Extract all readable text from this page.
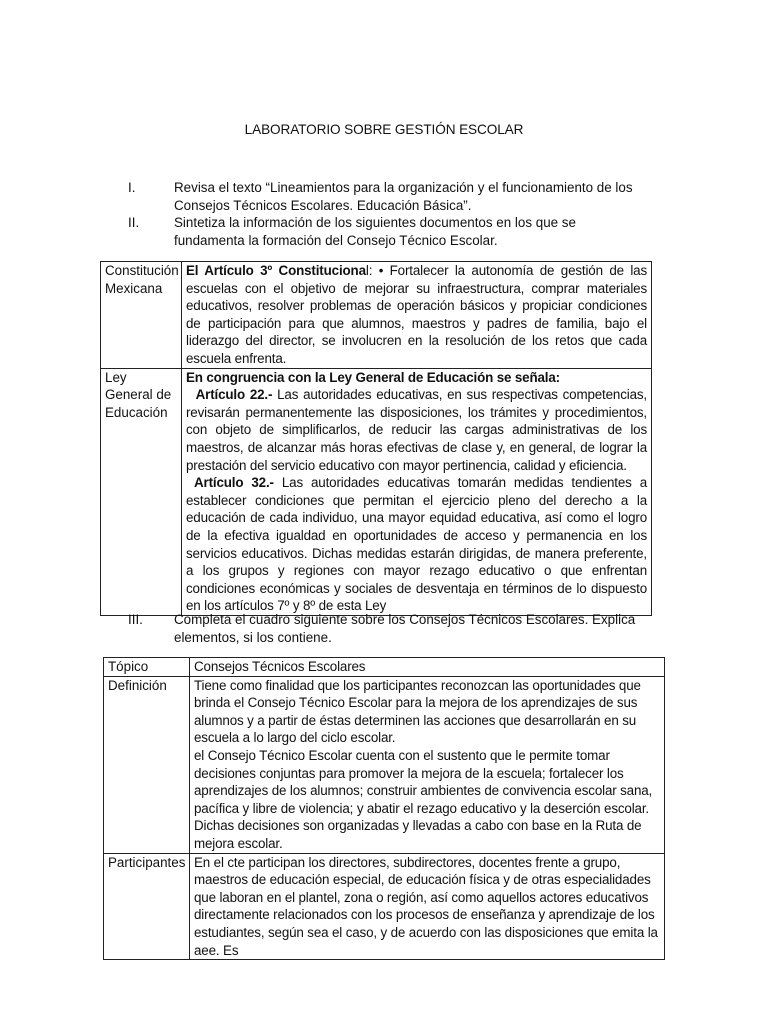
LABORATORIO SOBRE GESTIÓN ESCOLAR
I.	Revisa el texto “Lineamientos para la organización y el funcionamiento de los Consejos Técnicos Escolares. Educación Básica”.
II.	Sintetiza la información de los siguientes documentos en los que se fundamenta la formación del Consejo Técnico Escolar.
Constitución Mexicana	El Artículo 3º Constitucional: • Fortalecer la autonomía de gestión de las escuelas con el objetivo de mejorar su infraestructura, comprar materiales educativos, resolver problemas de operación básicos y propiciar condiciones de participación para que alumnos, maestros y padres de familia, bajo el liderazgo del director, se involucren en la resolución de los retos que cada escuela enfrenta.
Ley General de Educación	En congruencia con la Ley General de Educación se señala:
Artículo 22.- Las autoridades educativas, en sus respectivas competencias, revisarán permanentemente las disposiciones, los trámites y procedimientos, con objeto de simplificarlos, de reducir las cargas administrativas de los maestros, de alcanzar más horas efectivas de clase y, en general, de lograr la prestación del servicio educativo con mayor pertinencia, calidad y eficiencia.
Artículo 32.- Las autoridades educativas tomarán medidas tendientes a establecer condiciones que permitan el ejercicio pleno del derecho a la educación de cada individuo, una mayor equidad educativa, así como el logro de la efectiva igualdad en oportunidades de acceso y permanencia en los servicios educativos. Dichas medidas estarán dirigidas, de manera preferente, a los grupos y regiones con mayor rezago educativo o que enfrentan condiciones económicas y sociales de desventaja en términos de lo dispuesto en los artículos 7º y 8º de esta Ley
III.	Completa el cuadro siguiente sobre los Consejos Técnicos Escolares. Explica elementos, si los contiene.
Tópico	Consejos Técnicos Escolares
Definición	Tiene como finalidad que los participantes reconozcan las oportunidades que brinda el Consejo Técnico Escolar para la mejora de los aprendizajes de sus alumnos y a partir de éstas determinen las acciones que desarrollarán en su escuela a lo largo del ciclo escolar.
el Consejo Técnico Escolar cuenta con el sustento que le permite tomar decisiones conjuntas para promover la mejora de la escuela; fortalecer los aprendizajes de los alumnos; construir ambientes de convivencia escolar sana, pacífica y libre de violencia; y abatir el rezago educativo y la deserción escolar. Dichas decisiones son organizadas y llevadas a cabo con base en la Ruta de mejora escolar.

Participantes	En el cte participan los directores, subdirectores, docentes frente a grupo, maestros de educación especial, de educación física y de otras especialidades que laboran en el plantel, zona o región, así como aquellos actores educativos directamente relacionados con los procesos de enseñanza y aprendizaje de los estudiantes, según sea el caso, y de acuerdo con las disposiciones que emita la aee. Es
